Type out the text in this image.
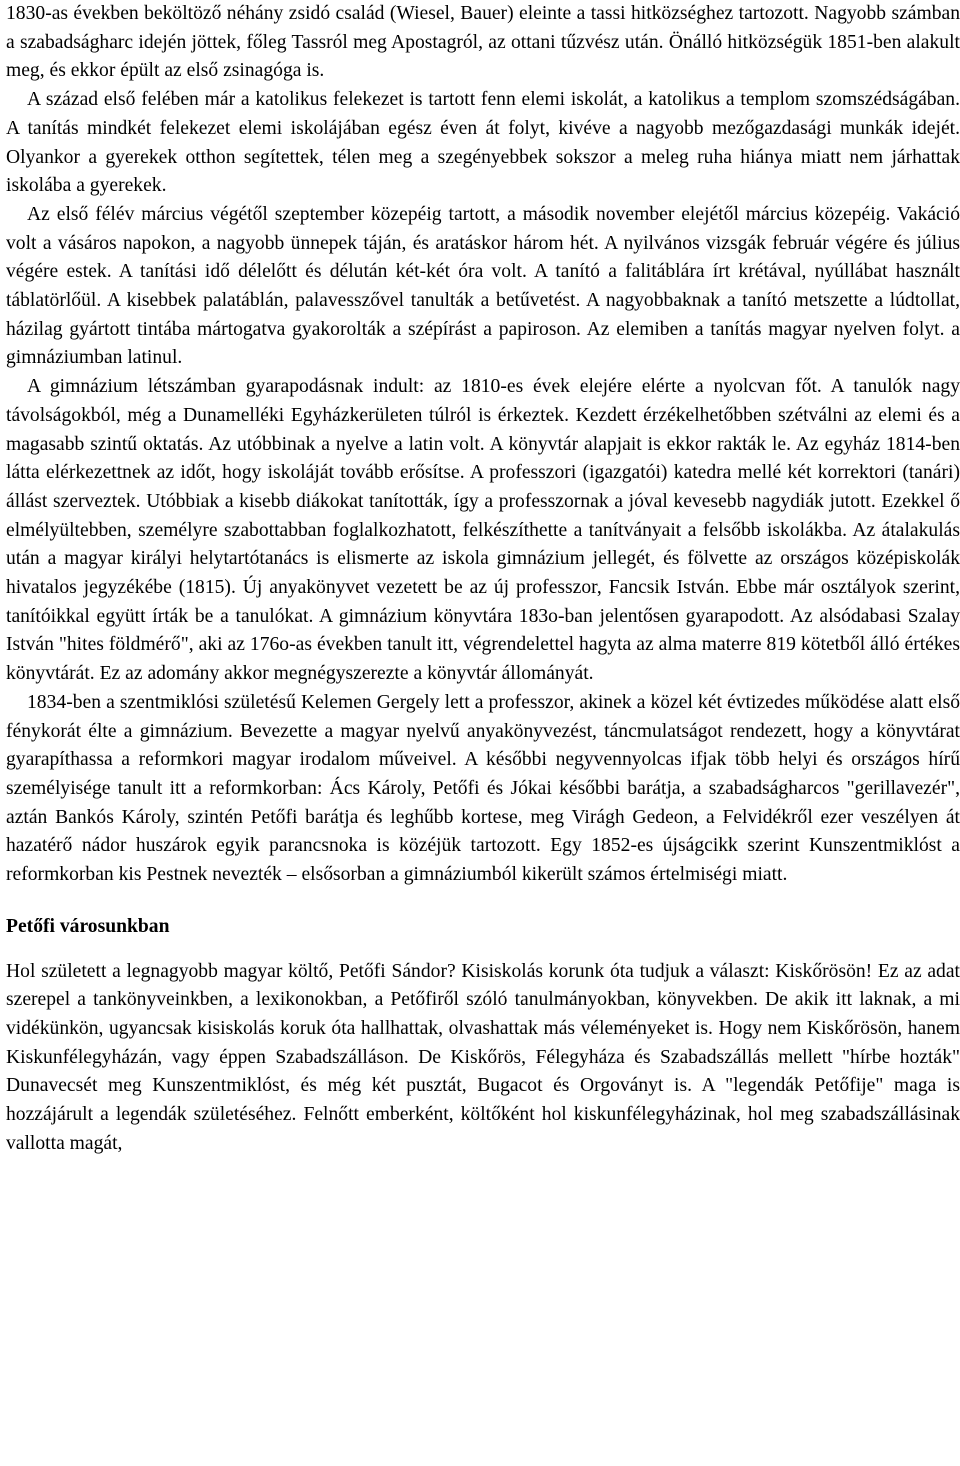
1830-as években beköltöző néhány zsidó család (Wiesel, Bauer) eleinte a tassi hitközséghez tartozott. Nagyobb számban a szabadságharc idején jöttek, főleg Tassról meg Apostagról, az ottani tűzvész után. Önálló hitközségük 1851-ben alakult meg, és ekkor épült az első zsinagóga is.

A század első felében már a katolikus felekezet is tartott fenn elemi iskolát, a katolikus a templom szomszédságában. A tanítás mindkét felekezet elemi iskolájában egész éven át folyt, kivéve a nagyobb mezőgazdasági munkák idejét. Olyankor a gyerekek otthon segítettek, télen meg a szegényebbek sokszor a meleg ruha hiánya miatt nem járhattak iskolába a gyerekek.

Az első félév március végétől szeptember közepéig tartott, a második november elejétől március közepéig. Vakáció volt a vásáros napokon, a nagyobb ünnepek táján, és aratáskor három hét. A nyilvános vizsgák február végére és július végére estek. A tanítási idő délelőtt és délután két-két óra volt. A tanító a falitáblára írt krétával, nyúllábat használt táblatörlőül. A kisebbek palatáblán, palavesszővel tanulták a betűvetést. A nagyobbaknak a tanító metszette a lúdtollat, házilag gyártott tintába mártogatva gyakorolták a szépírást a papiroson. Az elemiben a tanítás magyar nyelven folyt. a gimnáziumban latinul.

A gimnázium létszámban gyarapodásnak indult: az 1810-es évek elejére elérte a nyolcvan főt. A tanulók nagy távolságokból, még a Dunamelléki Egyházkerületen túlról is érkeztek. Kezdett érzékelhetőbben szétválni az elemi és a magasabb szintű oktatás. Az utóbbinak a nyelve a latin volt. A könyvtár alapjait is ekkor rakták le. Az egyház 1814-ben látta elérkezettnek az időt, hogy iskoláját tovább erősítse. A professzori (igazgatói) katedra mellé két korrektori (tanári) állást szerveztek. Utóbbiak a kisebb diákokat tanították, így a professzornak a jóval kevesebb nagydiák jutott. Ezekkel ő elmélyültebben, személyre szabottabban foglalkozhatott, felkészíthette a tanítványait a felsőbb iskolákba. Az átalakulás után a magyar királyi helytartótanács is elismerte az iskola gimnázium jellegét, és fölvette az országos középiskolák hivatalos jegyzékébe (1815). Új anyakönyvet vezetett be az új professzor, Fancsik István. Ebbe már osztályok szerint, tanítóikkal együtt írták be a tanulókat. A gimnázium könyvtára 183o-ban jelentősen gyarapodott. Az alsódabasi Szalay István "hites földmérő", aki az 176o-as években tanult itt, végrendelettel hagyta az alma materre 819 kötetből álló értékes könyvtárát. Ez az adomány akkor megnégyszerezte a könyvtár állományát.

1834-ben a szentmiklósi születésű Kelemen Gergely lett a professzor, akinek a közel két évtizedes működése alatt első fénykorát élte a gimnázium. Bevezette a magyar nyelvű anyakönyvezést, táncmulatságot rendezett, hogy a könyvtárat gyarapíthassa a reformkori magyar irodalom műveivel. A későbbi negyvennyolcas ifjak több helyi és országos hírű személyisége tanult itt a reformkorban: Ács Károly, Petőfi és Jókai későbbi barátja, a szabadságharcos "gerillavezér", aztán Bankós Károly, szintén Petőfi barátja és leghűbb kortese, meg Virágh Gedeon, a Felvidékről ezer veszélyen át hazatérő nádor huszárok egyik parancsnoka is közéjük tartozott. Egy 1852-es újságcikk szerint Kunszentmiklóst a reformkorban kis Pestnek nevezték – elsősorban a gimnáziumból kikerült számos értelmiségi miatt.

Petőfi városunkban

Hol született a legnagyobb magyar költő, Petőfi Sándor? Kisiskolás korunk óta tudjuk a választ: Kiskőrösön! Ez az adat szerepel a tankönyveinkben, a lexikonokban, a Petőfiről szóló tanulmányokban, könyvekben. De akik itt laknak, a mi vidékünkön, ugyancsak kisiskolás koruk óta hallhattak, olvashattak más véleményeket is. Hogy nem Kiskőrösön, hanem Kiskunfélegyházán, vagy éppen Szabadszálláson. De Kiskőrös, Félegyháza és Szabadszállás mellett "hírbe hozták" Dunavecsét meg Kunszentmiklóst, és még két pusztát, Bugacot és Orgoványt is. A "legendák Petőfije" maga is hozzájárult a legendák születéséhez. Felnőtt emberként, költőként hol kiskunfélegyházinak, hol meg szabadszállásinak vallotta magát,
